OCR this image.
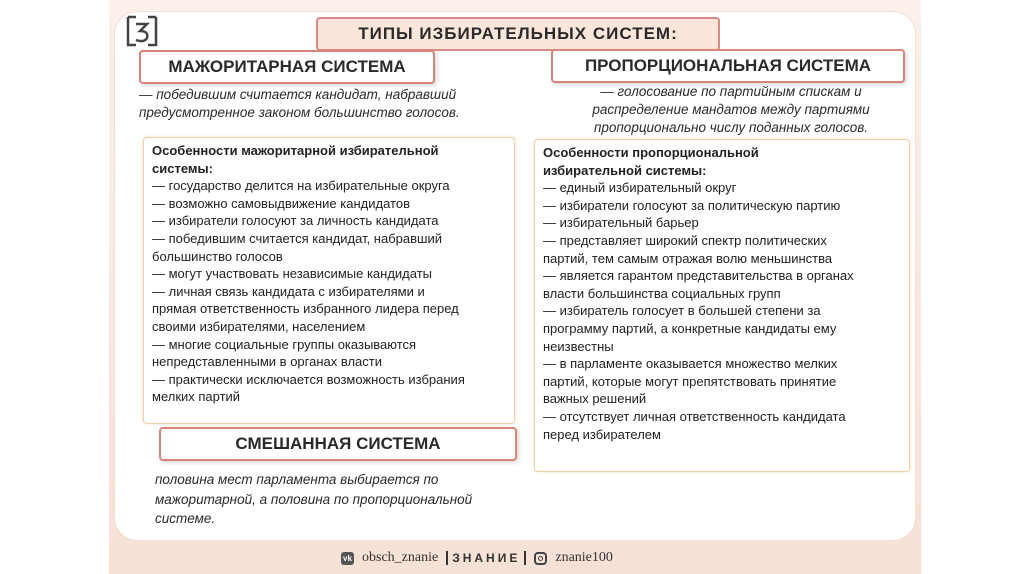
ТИПЫ ИЗБИРАТЕЛЬНЫХ СИСТЕМ:
МАЖОРИТАРНАЯ СИСТЕМА
— победившим считается кандидат, набравший
предусмотренное законом большинство голосов.
Особенности мажоритарной избирательной
системы:
— государство делится на избирательные округа
— возможно самовыдвижение кандидатов
— избиратели голосуют за личность кандидата
— победившим считается кандидат, набравший
большинство голосов
— могут участвовать независимые кандидаты
— личная связь кандидата с избирателями и
прямая ответственность избранного лидера перед
своими избирателями, населением
— многие социальные группы оказываются
непредставленными в органах власти
— практически исключается возможность избрания
мелких партий
ПРОПОРЦИОНАЛЬНАЯ СИСТЕМА
— голосование по партийным спискам и
распределение мандатов между партиями
пропорционально числу поданных голосов.
Особенности пропорциональной
избирательной системы:
— единый избирательный округ
— избиратели голосуют за политическую партию
— избирательный барьер
— представляет широкий спектр политических
партий, тем самым отражая волю меньшинства
— является гарантом представительства в органах
власти большинства социальных групп
— избиратель голосует в большей степени за
программу партий, а конкретные кандидаты ему
неизвестны
— в парламенте оказывается множество мелких
партий, которые могут препятствовать принятие
важных решений
— отсутствует личная ответственность кандидата
перед избирателем
СМЕШАННАЯ СИСТЕМА
половина мест парламента выбирается по
мажоритарной, а половина по пропорциональной
системе.
vk obsch_znanie	ЗНАНИЕ	znanie100
